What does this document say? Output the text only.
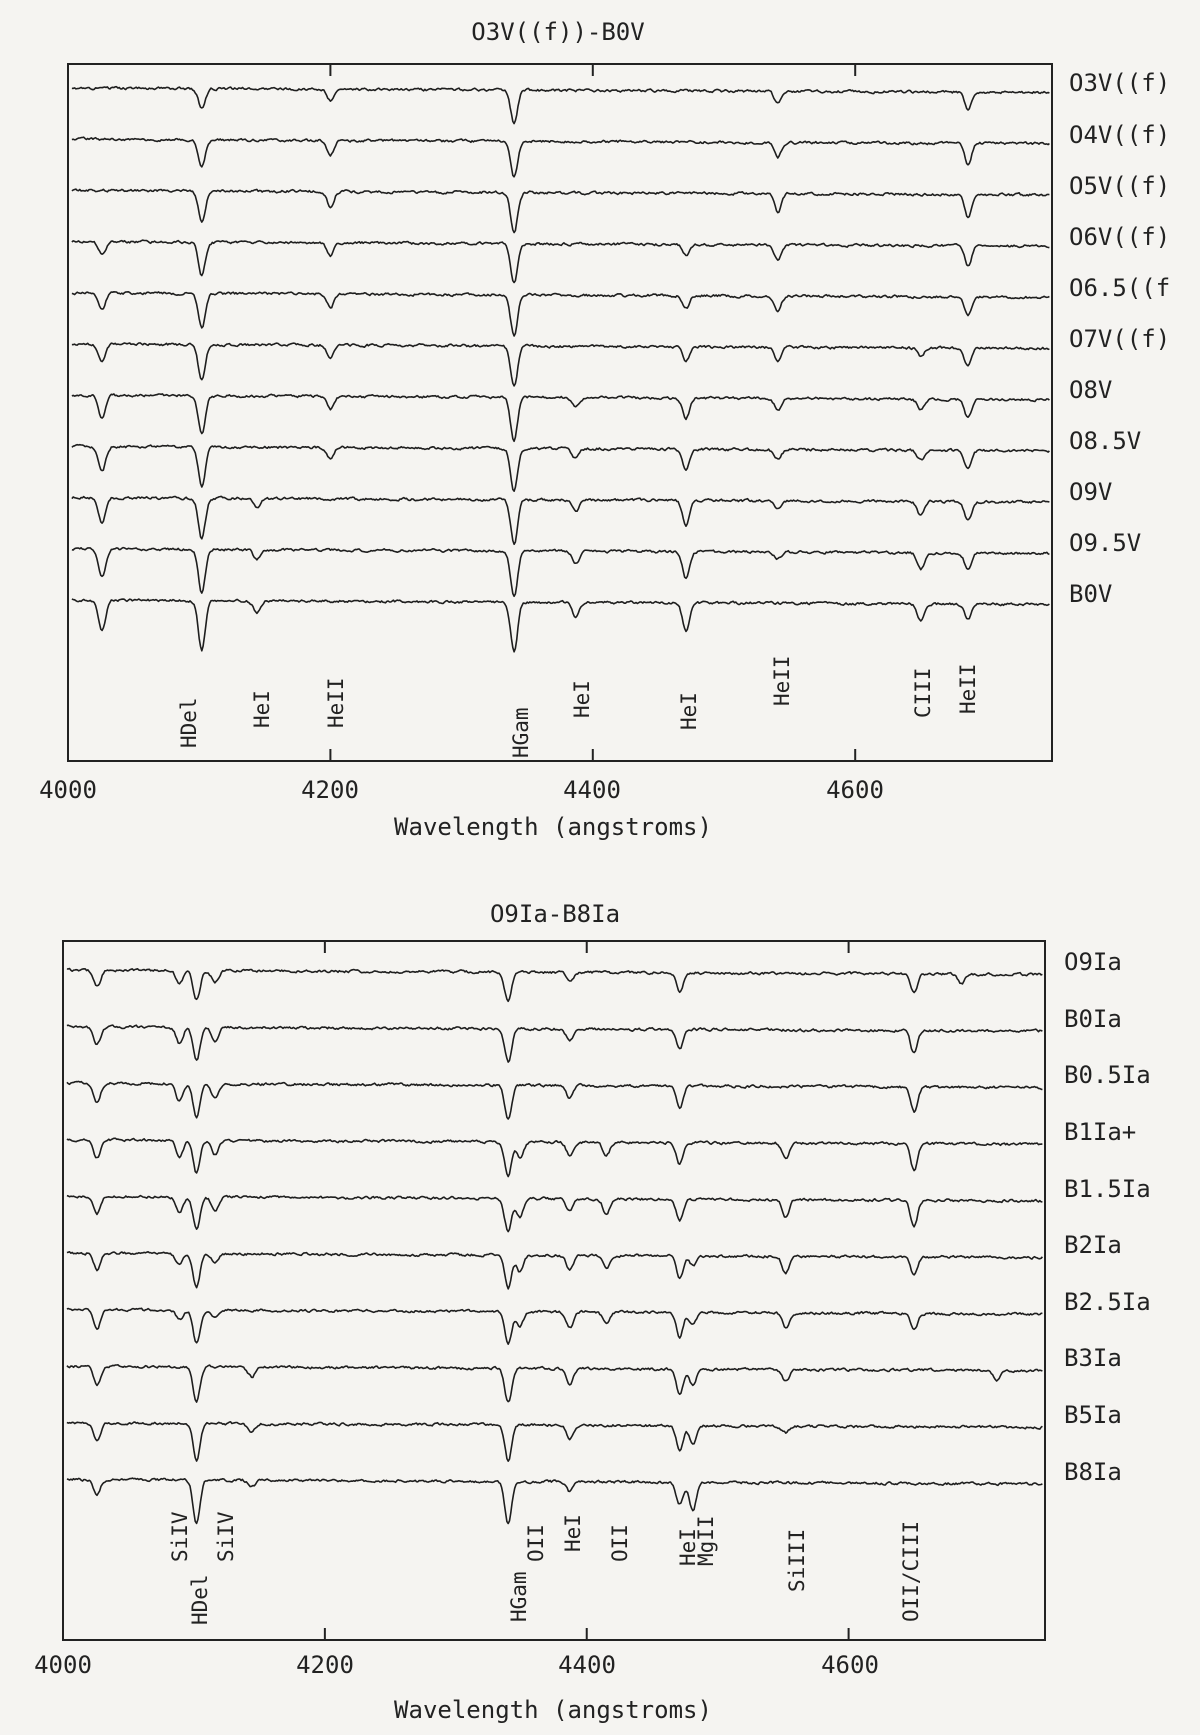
O3V((f))-B0V
O3V((f)
O4V((f)
O5V((f)
O6V((f)
O6.5((f
O7V((f)
O8V
O8.5V
O9V
O9.5V
B0V
HDel HeI HeII
HGam
HeI	HeI
HeII	CIII HeII
4000	4200	4400	4600
Wavelength (angstroms)
O9Ia-B8Ia
O9Ia
B0Ia
B0.5Ia
B1Ia+
B1.5Ia
B2Ia
B2.5Ia
B3Ia
B5Ia
B8Ia
SiIV SiIV
HDel	HGam
OII HeI OII HeI
MgII	SiIII	OII/CIII
4000	4200	4400	4600
Wavelength (angstroms)
